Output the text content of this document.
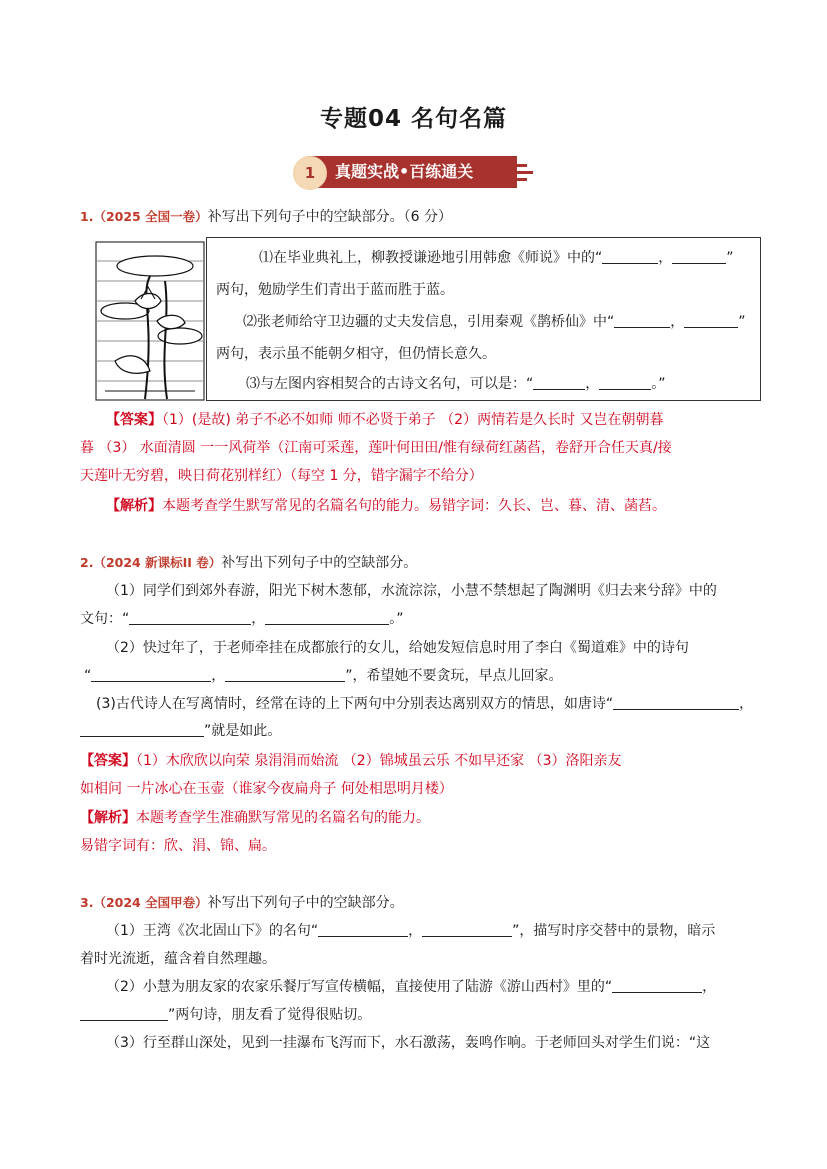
专题04 名句名篇
1	真题实战•百练通关
1.（2025 全国一卷）补写出下列句子中的空缺部分。（6 分）
⑴在毕业典礼上，柳教授谦逊地引用韩愈《师说》中的“	，	”
两句，勉励学生们青出于蓝而胜于蓝。
⑵张老师给守卫边疆的丈夫发信息，引用秦观《鹊桥仙》中“	，	”
两句，表示虽不能朝夕相守，但仍情长意久。
⑶与左图内容相契合的古诗文名句，可以是：“	，	。”
【答案】（1）(是故) 弟子不必不如师 师不必贤于弟子 （2）两情若是久长时 又岂在朝朝暮
暮 （3） 水面清圆 一一风荷举（江南可采莲，莲叶何田田/惟有绿荷红菡萏，卷舒开合任天真/接
天莲叶无穷碧，映日荷花别样红）（每空 1 分，错字漏字不给分）
【解析】本题考查学生默写常见的名篇名句的能力。易错字词：久长、岂、暮、清、菡萏。
2.（2024 新课标II 卷）补写出下列句子中的空缺部分。
（1）同学们到郊外春游，阳光下树木葱郁，水流淙淙，小慧不禁想起了陶渊明《归去来兮辞》中的
文句：“	，	。”
（2）快过年了，于老师牵挂在成都旅行的女儿，给她发短信息时用了李白《蜀道难》中的诗句
“	，	”，希望她不要贪玩，早点儿回家。
(3)古代诗人在写离情时，经常在诗的上下两句中分别表达离别双方的情思，如唐诗“	，
”就是如此。
【答案】（1）木欣欣以向荣 泉涓涓而始流 （2）锦城虽云乐 不如早还家 （3）洛阳亲友
如相问 一片冰心在玉壶（谁家今夜扁舟子 何处相思明月楼）
【解析】本题考查学生准确默写常见的名篇名句的能力。
易错字词有：欣、涓、锦、扁。
3.（2024 全国甲卷）补写出下列句子中的空缺部分。
（1）王湾《次北固山下》的名句“	，	”，描写时序交替中的景物，暗示
着时光流逝，蕴含着自然理趣。
（2）小慧为朋友家的农家乐餐厅写宣传横幅，直接使用了陆游《游山西村》里的“	，
”两句诗，朋友看了觉得很贴切。
（3）行至群山深处，见到一挂瀑布飞泻而下，水石激荡，轰鸣作响。于老师回头对学生们说：“这
